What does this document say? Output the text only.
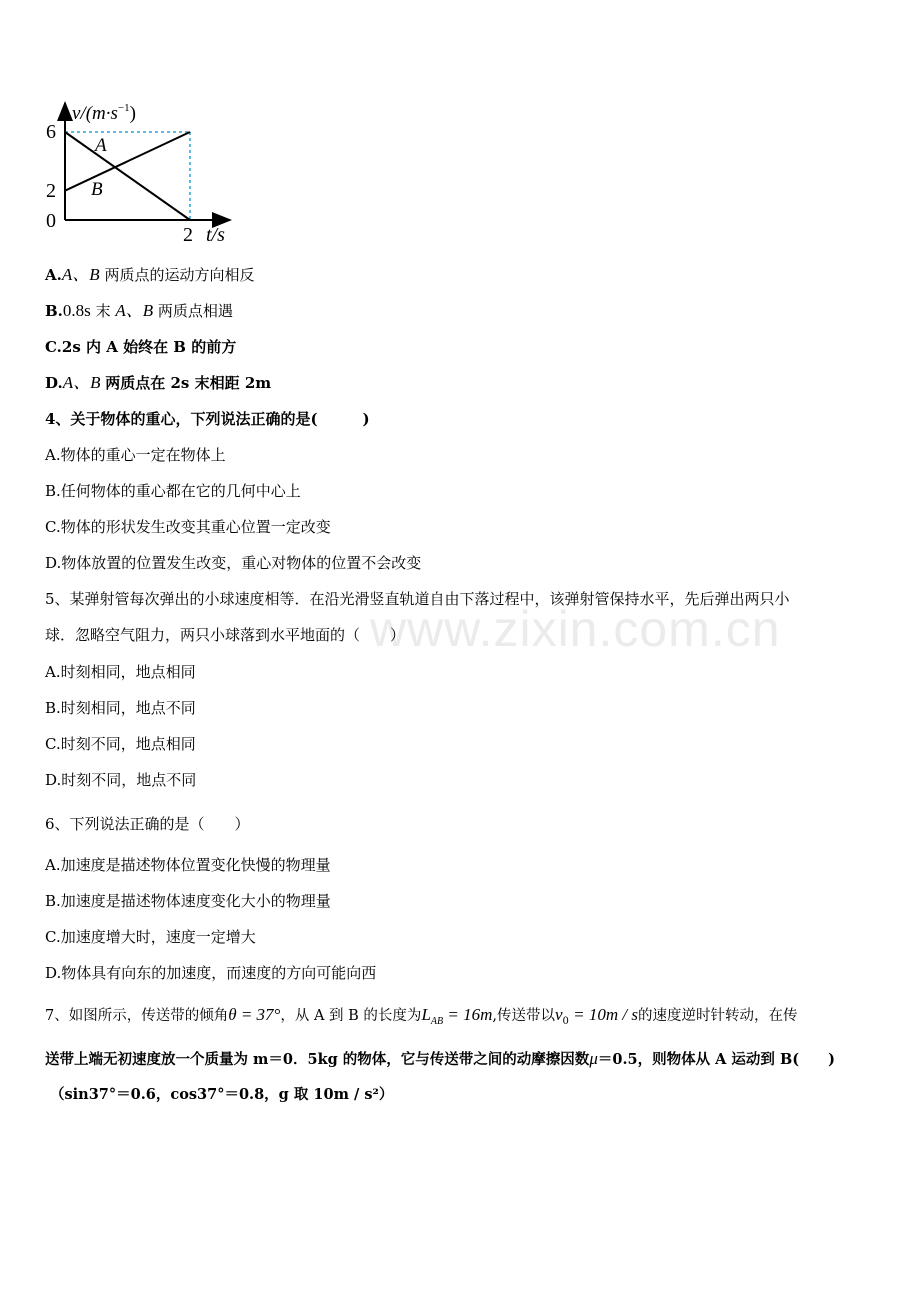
www.zixin.com.cn
$v/(m\cdot s^{-1})$
6
2
0
2 t/s
A
B
A.A、B 两质点的运动方向相反
B.0.8s 末 A、B 两质点相遇
C.2s 内 A 始终在 B 的前方
D.A、B 两质点在 2s 末相距 2m
4、关于物体的重心，下列说法正确的是(　　　)
A.物体的重心一定在物体上
B.任何物体的重心都在它的几何中心上
C.物体的形状发生改变其重心位置一定改变
D.物体放置的位置发生改变，重心对物体的位置不会改变
5、某弹射管每次弹出的小球速度相等．在沿光滑竖直轨道自由下落过程中，该弹射管保持水平，先后弹出两只小
球．忽略空气阻力，两只小球落到水平地面的（　　）
A.时刻相同，地点相同
B.时刻相同，地点不同
C.时刻不同，地点相同
D.时刻不同，地点不同
6、下列说法正确的是（　　）
A.加速度是描述物体位置变化快慢的物理量
B.加速度是描述物体速度变化大小的物理量
C.加速度增大时，速度一定增大
D.物体具有向东的加速度，而速度的方向可能向西
7、如图所示，传送带的倾角θ = 37°，从 A 到 B 的长度为$L_{AB} = 16m$,传送带以$v_0 = 10m / s$的速度逆时针转动，在传
送带上端无初速度放一个质量为 m＝0．5kg 的物体，它与传送带之间的动摩擦因数μ＝0.5，则物体从 A 运动到 B(　　)
（sin37°＝0.6，cos37°＝0.8，g 取 10m / s²）
